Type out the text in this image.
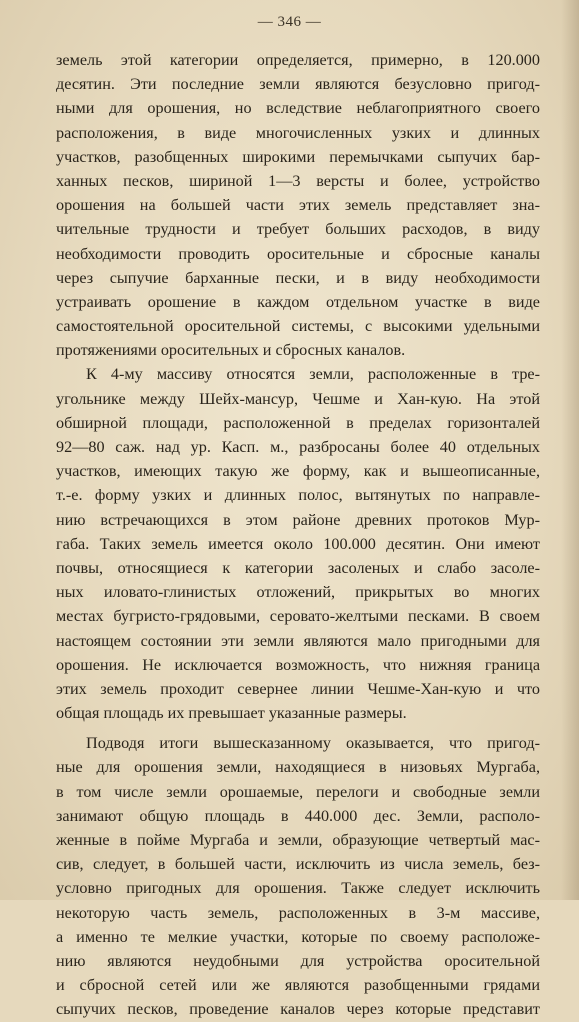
— 346 —
земель этой категории определяется, примерно, в 120.000
десятин. Эти последние земли являются безусловно пригод-
ными для орошения, но вследствие неблагоприятного своего
расположения, в виде многочисленных узких и длинных
участков, разобщенных широкими перемычками сыпучих бар-
ханных песков, шириной 1—3 версты и более, устройство
орошения на большей части этих земель представляет зна-
чительные трудности и требует больших расходов, в виду
необходимости проводить оросительные и сбросные каналы
через сыпучие барханные пески, и в виду необходимости
устраивать орошение в каждом отдельном участке в виде
самостоятельной оросительной системы, с высокими удельными
протяжениями оросительных и сбросных каналов.
К 4-му массиву относятся земли, расположенные в тре-
угольнике между Шейх-мансур, Чешме и Хан-кую. На этой
обширной площади, расположенной в пределах горизонталей
92—80 саж. над ур. Касп. м., разбросаны более 40 отдельных
участков, имеющих такую же форму, как и вышеописанные,
т.-е. форму узких и длинных полос, вытянутых по направле-
нию встречающихся в этом районе древних протоков Мур-
габа. Таких земель имеется около 100.000 десятин. Они имеют
почвы, относящиеся к категории засоленых и слабо засоле-
ных иловато-глинистых отложений, прикрытых во многих
местах бугристо-грядовыми, серовато-желтыми песками. В своем
настоящем состоянии эти земли являются мало пригодными для
орошения. Не исключается возможность, что нижняя граница
этих земель проходит севернее линии Чешме-Хан-кую и что
общая площадь их превышает указанные размеры.
Подводя итоги вышесказанному оказывается, что пригод-
ные для орошения земли, находящиеся в низовьях Мургаба,
в том числе земли орошаемые, перелоги и свободные земли
занимают общую площадь в 440.000 дес. Земли, располо-
женные в пойме Мургаба и земли, образующие четвертый мас-
сив, следует, в большей части, исключить из числа земель, без-
условно пригодных для орошения. Также следует исключить
некоторую часть земель, расположенных в 3-м массиве,
а именно те мелкие участки, которые по своему расположе-
нию являются неудобными для устройства оросительной
и сбросной сетей или же являются разобщенными грядами
сыпучих песков, проведение каналов через которые представит
